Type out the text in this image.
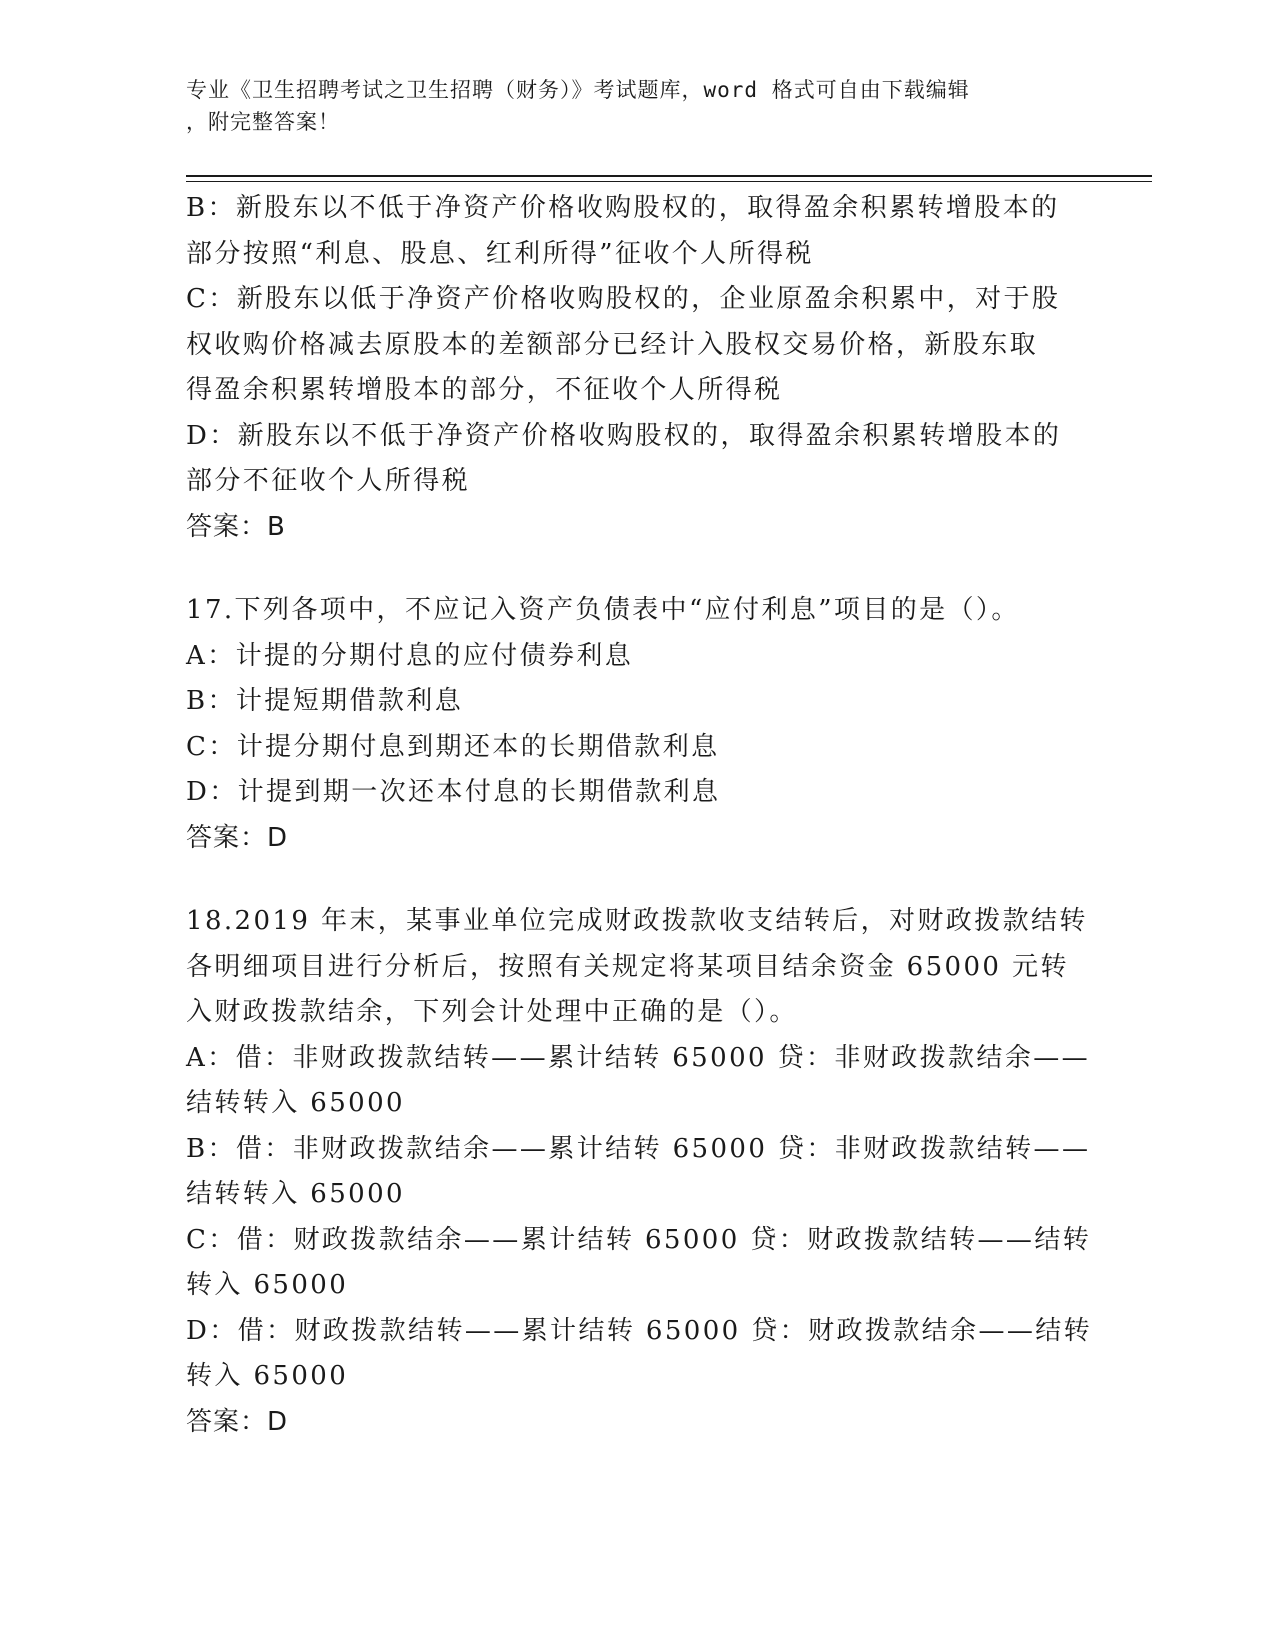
专业《卫生招聘考试之卫生招聘（财务）》考试题库，word 格式可自由下载编辑
，附完整答案！
B：新股东以不低于净资产价格收购股权的，取得盈余积累转增股本的
部分按照“利息、股息、红利所得”征收个人所得税
C：新股东以低于净资产价格收购股权的，企业原盈余积累中，对于股
权收购价格减去原股本的差额部分已经计入股权交易价格，新股东取
得盈余积累转增股本的部分，不征收个人所得税
D：新股东以不低于净资产价格收购股权的，取得盈余积累转增股本的
部分不征收个人所得税
答案：B
17.下列各项中，不应记入资产负债表中“应付利息”项目的是（）。
A：计提的分期付息的应付债券利息
B：计提短期借款利息
C：计提分期付息到期还本的长期借款利息
D：计提到期一次还本付息的长期借款利息
答案：D
18.2019 年末，某事业单位完成财政拨款收支结转后，对财政拨款结转
各明细项目进行分析后，按照有关规定将某项目结余资金 65000 元转
入财政拨款结余，下列会计处理中正确的是（）。
A：借：非财政拨款结转——累计结转 65000 贷：非财政拨款结余——
结转转入 65000
B：借：非财政拨款结余——累计结转 65000 贷：非财政拨款结转——
结转转入 65000
C：借：财政拨款结余——累计结转 65000 贷：财政拨款结转——结转
转入 65000
D：借：财政拨款结转——累计结转 65000 贷：财政拨款结余——结转
转入 65000
答案：D
